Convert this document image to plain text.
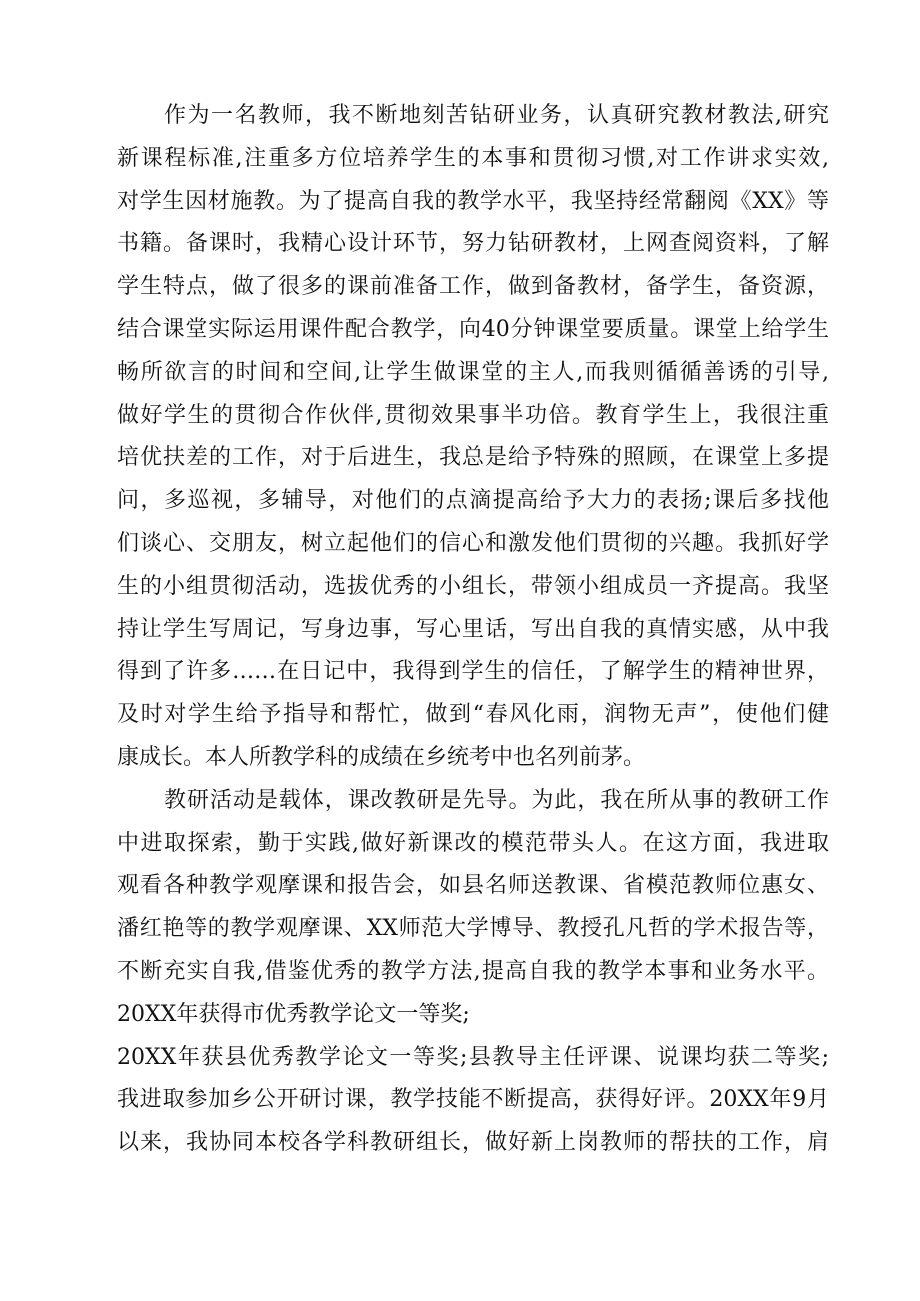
作为一名教师，我不断地刻苦钻研业务，认真研究教材教法,研究
新课程标准,注重多方位培养学生的本事和贯彻习惯,对工作讲求实效,
对学生因材施教。为了提高自我的教学水平，我坚持经常翻阅《XX》等
书籍。备课时，我精心设计环节，努力钻研教材，上网查阅资料，了解
学生特点，做了很多的课前准备工作，做到备教材，备学生，备资源，
结合课堂实际运用课件配合教学，向40分钟课堂要质量。课堂上给学生
畅所欲言的时间和空间,让学生做课堂的主人,而我则循循善诱的引导,
做好学生的贯彻合作伙伴,贯彻效果事半功倍。教育学生上，我很注重
培优扶差的工作，对于后进生，我总是给予特殊的照顾，在课堂上多提
问，多巡视，多辅导，对他们的点滴提高给予大力的表扬;课后多找他
们谈心、交朋友，树立起他们的信心和激发他们贯彻的兴趣。我抓好学
生的小组贯彻活动，选拔优秀的小组长，带领小组成员一齐提高。我坚
持让学生写周记，写身边事，写心里话，写出自我的真情实感，从中我
得到了许多……在日记中，我得到学生的信任，了解学生的精神世界，
及时对学生给予指导和帮忙，做到“春风化雨，润物无声”，使他们健
康成长。本人所教学科的成绩在乡统考中也名列前茅。
教研活动是载体，课改教研是先导。为此，我在所从事的教研工作
中进取探索，勤于实践,做好新课改的模范带头人。在这方面，我进取
观看各种教学观摩课和报告会，如县名师送教课、省模范教师位惠女、
潘红艳等的教学观摩课、XX师范大学博导、教授孔凡哲的学术报告等，
不断充实自我,借鉴优秀的教学方法,提高自我的教学本事和业务水平。
20XX年获得市优秀教学论文一等奖;
20XX年获县优秀教学论文一等奖;县教导主任评课、说课均获二等奖;
我进取参加乡公开研讨课，教学技能不断提高，获得好评。20XX年9月
以来，我协同本校各学科教研组长，做好新上岗教师的帮扶的工作，肩
